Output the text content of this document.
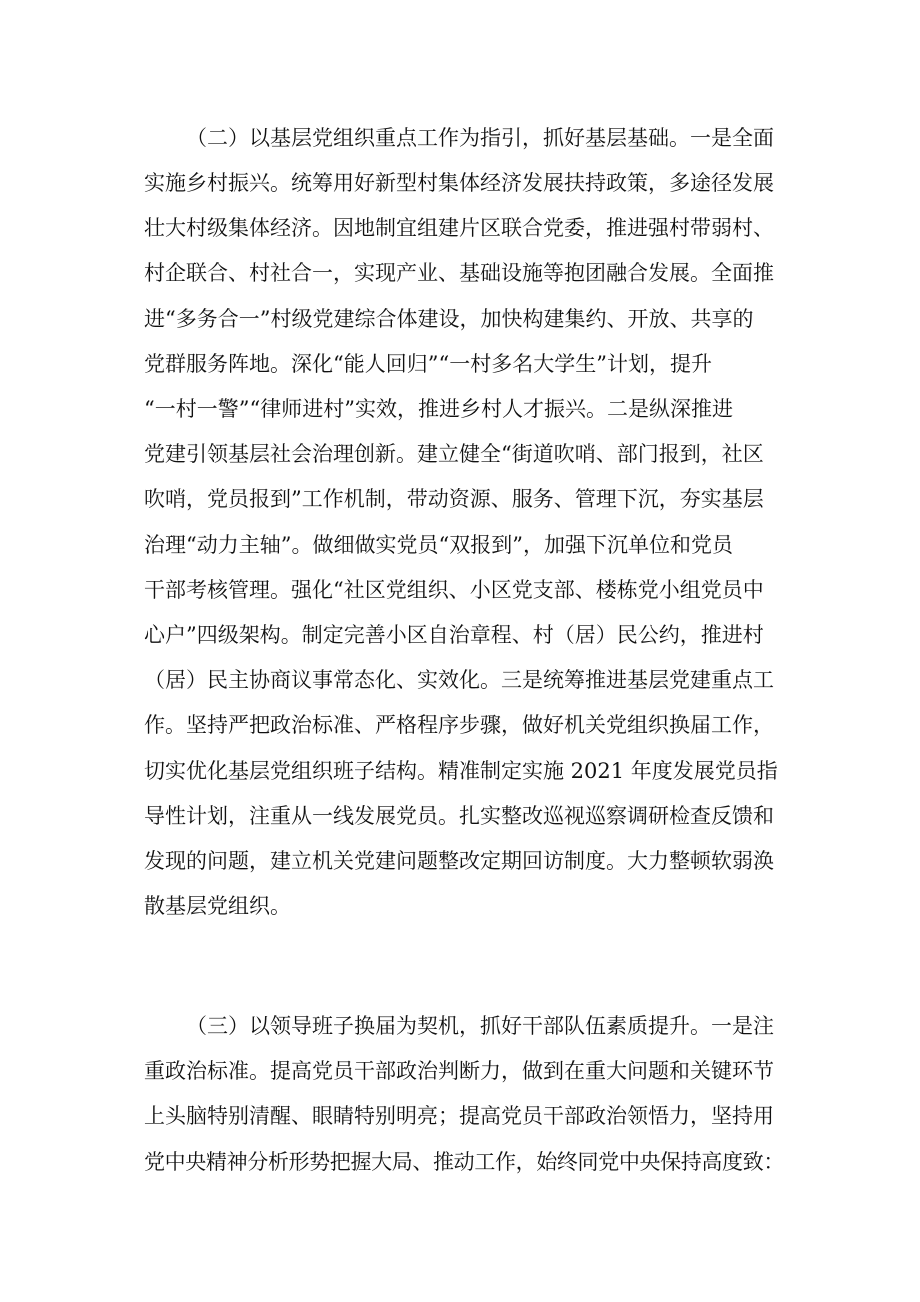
（二）以基层党组织重点工作为指引，抓好基层基础。一是全面
实施乡村振兴。统筹用好新型村集体经济发展扶持政策，多途径发展
壮大村级集体经济。因地制宜组建片区联合党委，推进强村带弱村、
村企联合、村社合一，实现产业、基础设施等抱团融合发展。全面推
进“多务合一”村级党建综合体建设，加快构建集约、开放、共享的
党群服务阵地。深化“能人回归”“一村多名大学生”计划，提升
“一村一警”“律师进村”实效，推进乡村人才振兴。二是纵深推进
党建引领基层社会治理创新。建立健全“街道吹哨、部门报到，社区
吹哨，党员报到”工作机制，带动资源、服务、管理下沉，夯实基层
治理“动力主轴”。做细做实党员“双报到”，加强下沉单位和党员
干部考核管理。强化“社区党组织、小区党支部、楼栋党小组党员中
心户”四级架构。制定完善小区自治章程、村（居）民公约，推进村
（居）民主协商议事常态化、实效化。三是统筹推进基层党建重点工
作。坚持严把政治标准、严格程序步骤，做好机关党组织换届工作，
切实优化基层党组织班子结构。精准制定实施 2021 年度发展党员指
导性计划，注重从一线发展党员。扎实整改巡视巡察调研检查反馈和
发现的问题，建立机关党建问题整改定期回访制度。大力整顿软弱涣
散基层党组织。
（三）以领导班子换届为契机，抓好干部队伍素质提升。一是注
重政治标准。提高党员干部政治判断力，做到在重大问题和关键环节
上头脑特别清醒、眼睛特别明亮；提高党员干部政治领悟力，坚持用
党中央精神分析形势把握大局、推动工作，始终同党中央保持高度致：
